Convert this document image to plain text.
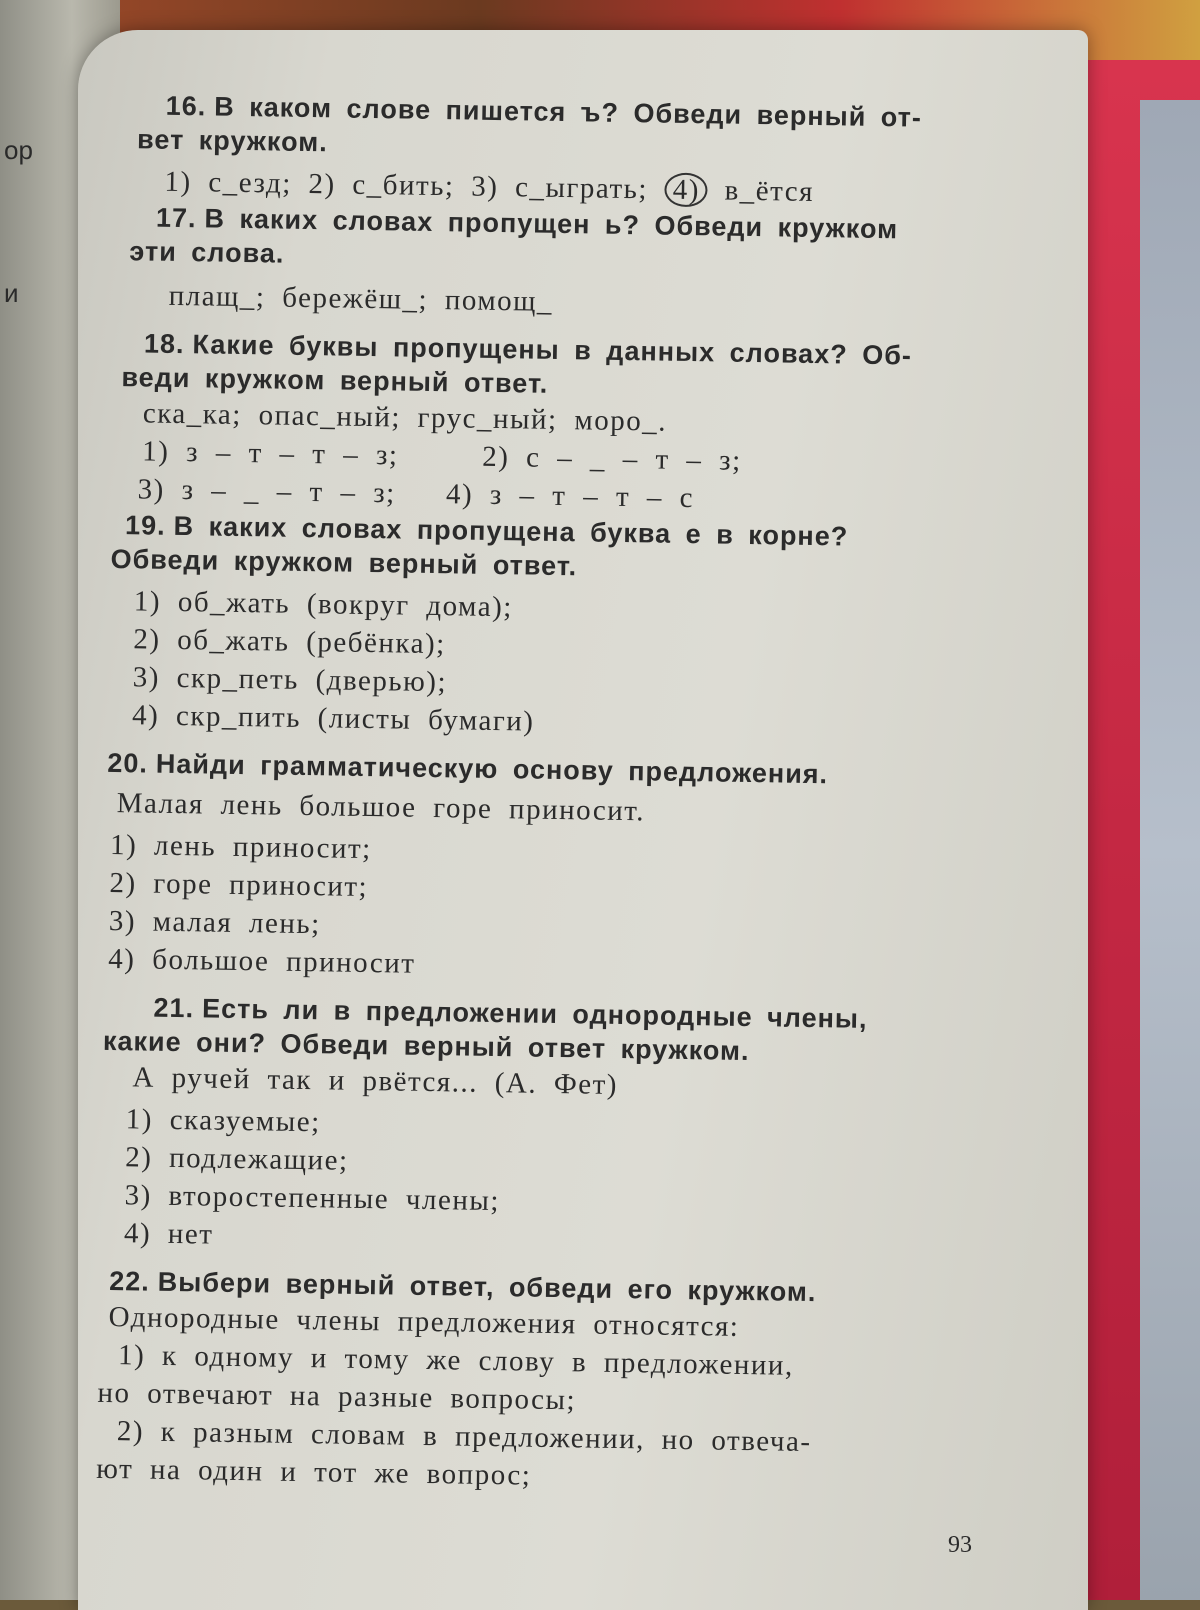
ор
и

16. В каком слове пишется ъ? Обведи верный от-

вет кружком.

1) с_езд; 2) с_бить; 3) с_ыграть; 4) в_ётся

17. В каких словах пропущен ь? Обведи кружком

эти слова.

плащ_; бережёш_; помощ_

18. Какие буквы пропущены в данных словах? Об-

веди кружком верный ответ.

ска_ка; опас_ный; грус_ный; моро_.

1) з – т – т – з;     2) с – _ – т – з;

3) з – _ – т – з;   4) з – т – т – с

19. В каких словах пропущена буква е в корне?

Обведи кружком верный ответ.

1) об_жать (вокруг дома);

2) об_жать (ребёнка);

3) скр_петь (дверью);

4) скр_пить (листы бумаги)

20. Найди грамматическую основу предложения.

Малая лень большое горе приносит.

1) лень приносит;

2) горе приносит;

3) малая лень;

4) большое приносит

21. Есть ли в предложении однородные члены,

какие они? Обведи верный ответ кружком.

А ручей так и рвётся... (А. Фет)

1) сказуемые;

2) подлежащие;

3) второстепенные члены;

4) нет

22. Выбери верный ответ, обведи его кружком.

Однородные члены предложения относятся:

1) к одному и тому же слову в предложении,

но отвечают на разные вопросы;

2) к разным словам в предложении, но отвеча-

ют на один и тот же вопрос;

93
